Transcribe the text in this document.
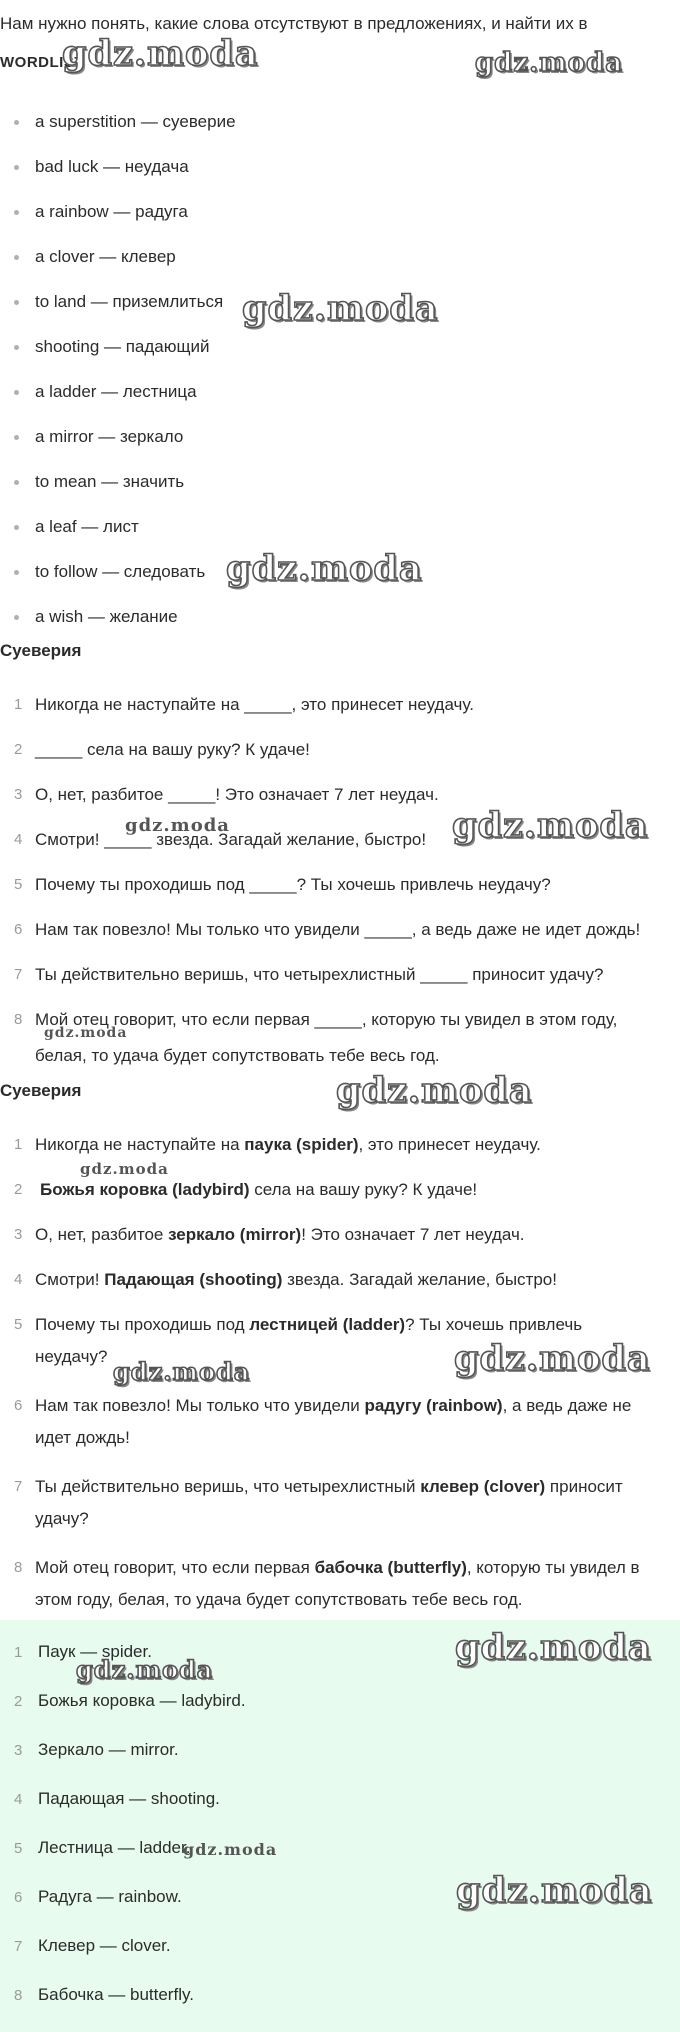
Нам нужно понять, какие слова отсутствуют в предложениях, и найти их в
WORDLIST
a superstition — суеверие
bad luck — неудача
a rainbow — радуга
a clover — клевер
to land — приземлиться
shooting — падающий
a ladder — лестница
a mirror — зеркало
to mean — значить
a leaf — лист
to follow — следовать
a wish — желание
Суеверия
1 Никогда не наступайте на _____, это принесет неудачу.
2 _____ села на вашу руку? К удаче!
3 О, нет, разбитое _____! Это означает 7 лет неудач.
4 Смотри! _____ звезда. Загадай желание, быстро!
5 Почему ты проходишь под _____? Ты хочешь привлечь неудачу?
6 Нам так повезло! Мы только что увидели _____, а ведь даже не идет дождь!
7 Ты действительно веришь, что четырехлистный _____ приносит удачу?
8 Мой отец говорит, что если первая _____, которую ты увидел в этом году,
белая, то удача будет сопутствовать тебе весь год.
Суеверия
1 Никогда не наступайте на паука (spider), это принесет неудачу.
2 Божья коровка (ladybird) села на вашу руку? К удаче!
3 О, нет, разбитое зеркало (mirror)! Это означает 7 лет неудач.
4 Смотри! Падающая (shooting) звезда. Загадай желание, быстро!
5 Почему ты проходишь под лестницей (ladder)? Ты хочешь привлечь неудачу?
6 Нам так повезло! Мы только что увидели радугу (rainbow), а ведь даже не идет дождь!
7 Ты действительно веришь, что четырехлистный клевер (clover) приносит удачу?
8 Мой отец говорит, что если первая бабочка (butterfly), которую ты увидел в этом году, белая, то удача будет сопутствовать тебе весь год.
1 Паук — spider.
2 Божья коровка — ladybird.
3 Зеркало — mirror.
4 Падающая — shooting.
5 Лестница — ladder.
6 Радуга — rainbow.
7 Клевер — clover.
8 Бабочка — butterfly.
gdz.moda	gdz.moda
gdz.moda
gdz.moda
gdz.moda	gdz.moda
gdz.moda
gdz.moda
gdz.moda
gdz.moda	gdz.moda
gdz.moda
gdz.moda
gdz.moda
gdz.moda
